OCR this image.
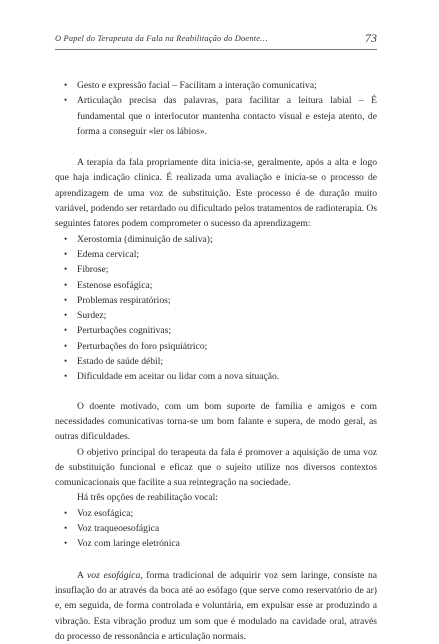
O Papel do Terapeuta da Fala na Reabilitação do Doente…	73
• Gesto e expressão facial – Facilitam a interação comunicativa;
• Articulação precisa das palavras, para facilitar a leitura labial – É fundamental que o interlocutor mantenha contacto visual e esteja atento, de forma a conseguir «ler os lábios».

A terapia da fala propriamente dita inicia-se, geralmente, após a alta e logo que haja indicação clínica. É realizada uma avaliação e inicia-se o processo de aprendizagem de uma voz de substituição. Este processo é de duração muito variável, podendo ser retardado ou dificultado pelos tratamentos de radioterapia. Os seguintes fatores podem comprometer o sucesso da aprendizagem:

• Xerostomia (diminuição de saliva);
• Edema cervical;
• Fibrose;
• Estenose esofágica;
• Problemas respiratórios;
• Surdez;
• Perturbações cognitivas;
• Perturbações do foro psiquiátrico;
• Estado de saúde débil;
• Dificuldade em aceitar ou lidar com a nova situação.

O doente motivado, com um bom suporte de família e amigos e com necessidades comunicativas torna-se um bom falante e supera, de modo geral, as outras dificuldades.

O objetivo principal do terapeuta da fala é promover a aquisição de uma voz de substituição funcional e eficaz que o sujeito utilize nos diversos contextos comunicacionais que facilite a sua reintegração na sociedade.

Há três opções de reabilitação vocal:

• Voz esofágica;
• Voz traqueoesofágica
• Voz com laringe eletrónica

A voz esofágica, forma tradicional de adquirir voz sem laringe, consiste na insuflação do ar através da boca até ao esófago (que serve como reservatório de ar) e, em seguida, de forma controlada e voluntária, em expulsar esse ar produzindo a vibração. Esta vibração produz um som que é modulado na cavidade oral, através do processo de ressonância e articulação normais.
